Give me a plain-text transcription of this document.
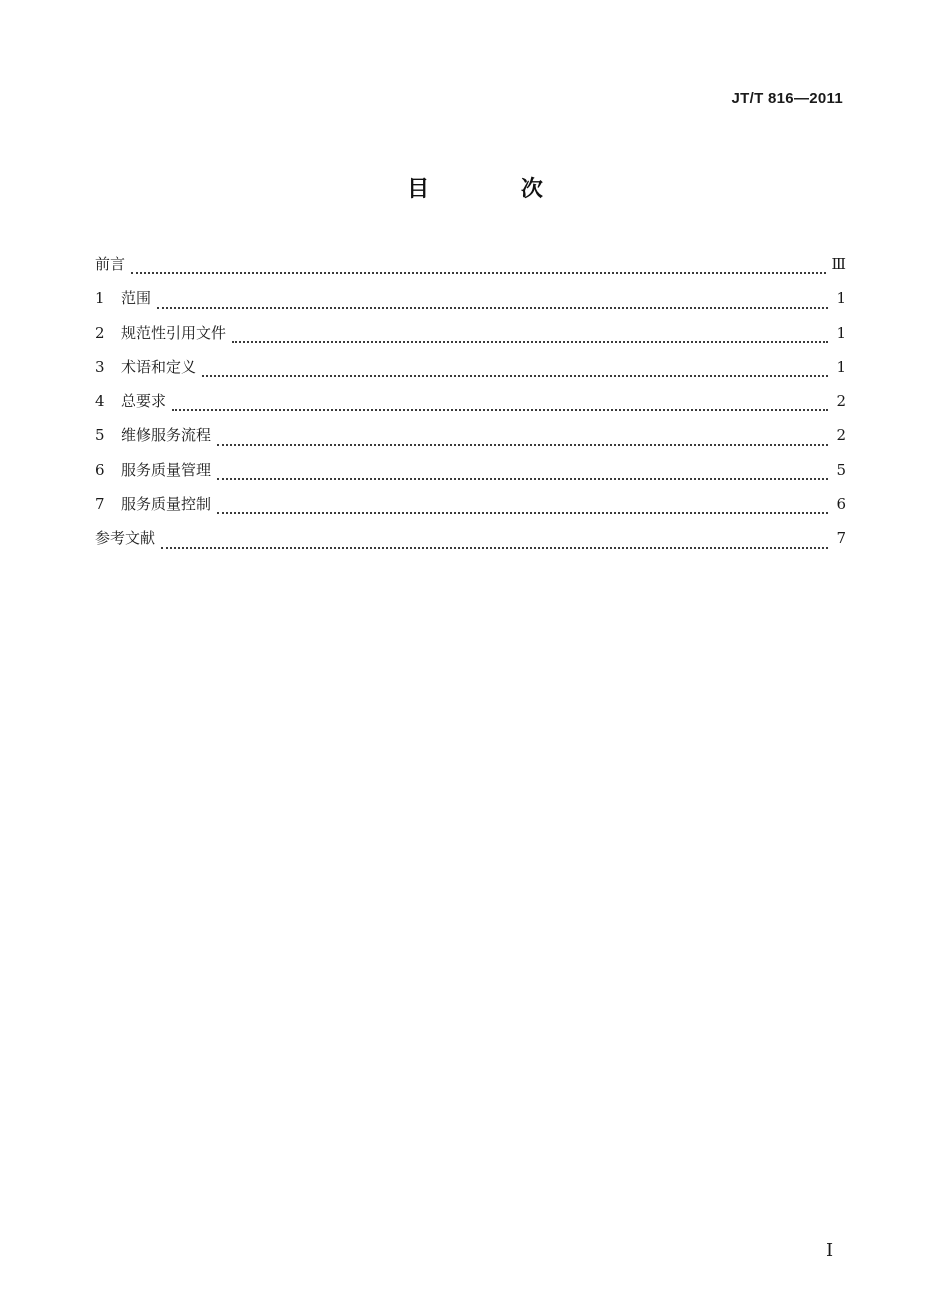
JT/T 816—2011
目 次
前言	Ⅲ
1	范围	1
2	规范性引用文件	1
3	术语和定义	1
4	总要求	2
5	维修服务流程	2
6	服务质量管理	5
7	服务质量控制	6
参考文献	7
I
